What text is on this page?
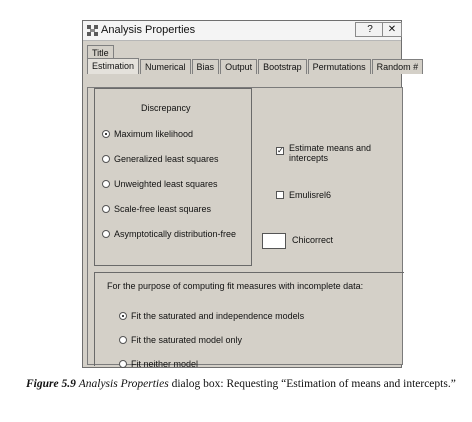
Analysis Properties	?	✕
Title
Estimation	Numerical	Bias	Output	Bootstrap	Permutations	Random #
Discrepancy
Maximum likelihood
Generalized least squares
Unweighted least squares
Scale-free least squares
Asymptotically distribution-free
✓ Estimate means and
intercepts
Emulisrel6
Chicorrect
For the purpose of computing fit measures with incomplete data:
Fit the saturated and independence models
Fit the saturated model only
Fit neither model
Figure 5.9 Analysis Properties dialog box: Requesting “Estimation of means and intercepts.”
